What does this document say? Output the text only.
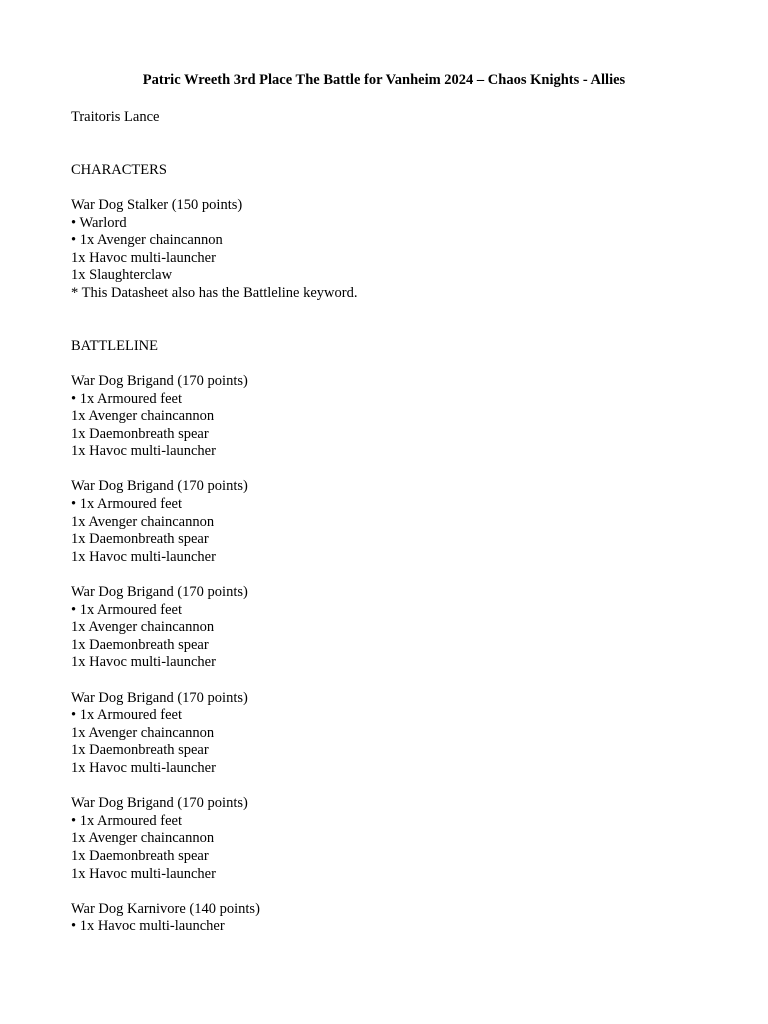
Patric Wreeth 3rd Place The Battle for Vanheim 2024 – Chaos Knights - Allies
Traitoris Lance
CHARACTERS
War Dog Stalker (150 points)
• Warlord
• 1x Avenger chaincannon
1x Havoc multi-launcher
1x Slaughterclaw
* This Datasheet also has the Battleline keyword.
BATTLELINE
War Dog Brigand (170 points)
• 1x Armoured feet
1x Avenger chaincannon
1x Daemonbreath spear
1x Havoc multi-launcher
War Dog Brigand (170 points)
• 1x Armoured feet
1x Avenger chaincannon
1x Daemonbreath spear
1x Havoc multi-launcher
War Dog Brigand (170 points)
• 1x Armoured feet
1x Avenger chaincannon
1x Daemonbreath spear
1x Havoc multi-launcher
War Dog Brigand (170 points)
• 1x Armoured feet
1x Avenger chaincannon
1x Daemonbreath spear
1x Havoc multi-launcher
War Dog Brigand (170 points)
• 1x Armoured feet
1x Avenger chaincannon
1x Daemonbreath spear
1x Havoc multi-launcher
War Dog Karnivore (140 points)
• 1x Havoc multi-launcher
